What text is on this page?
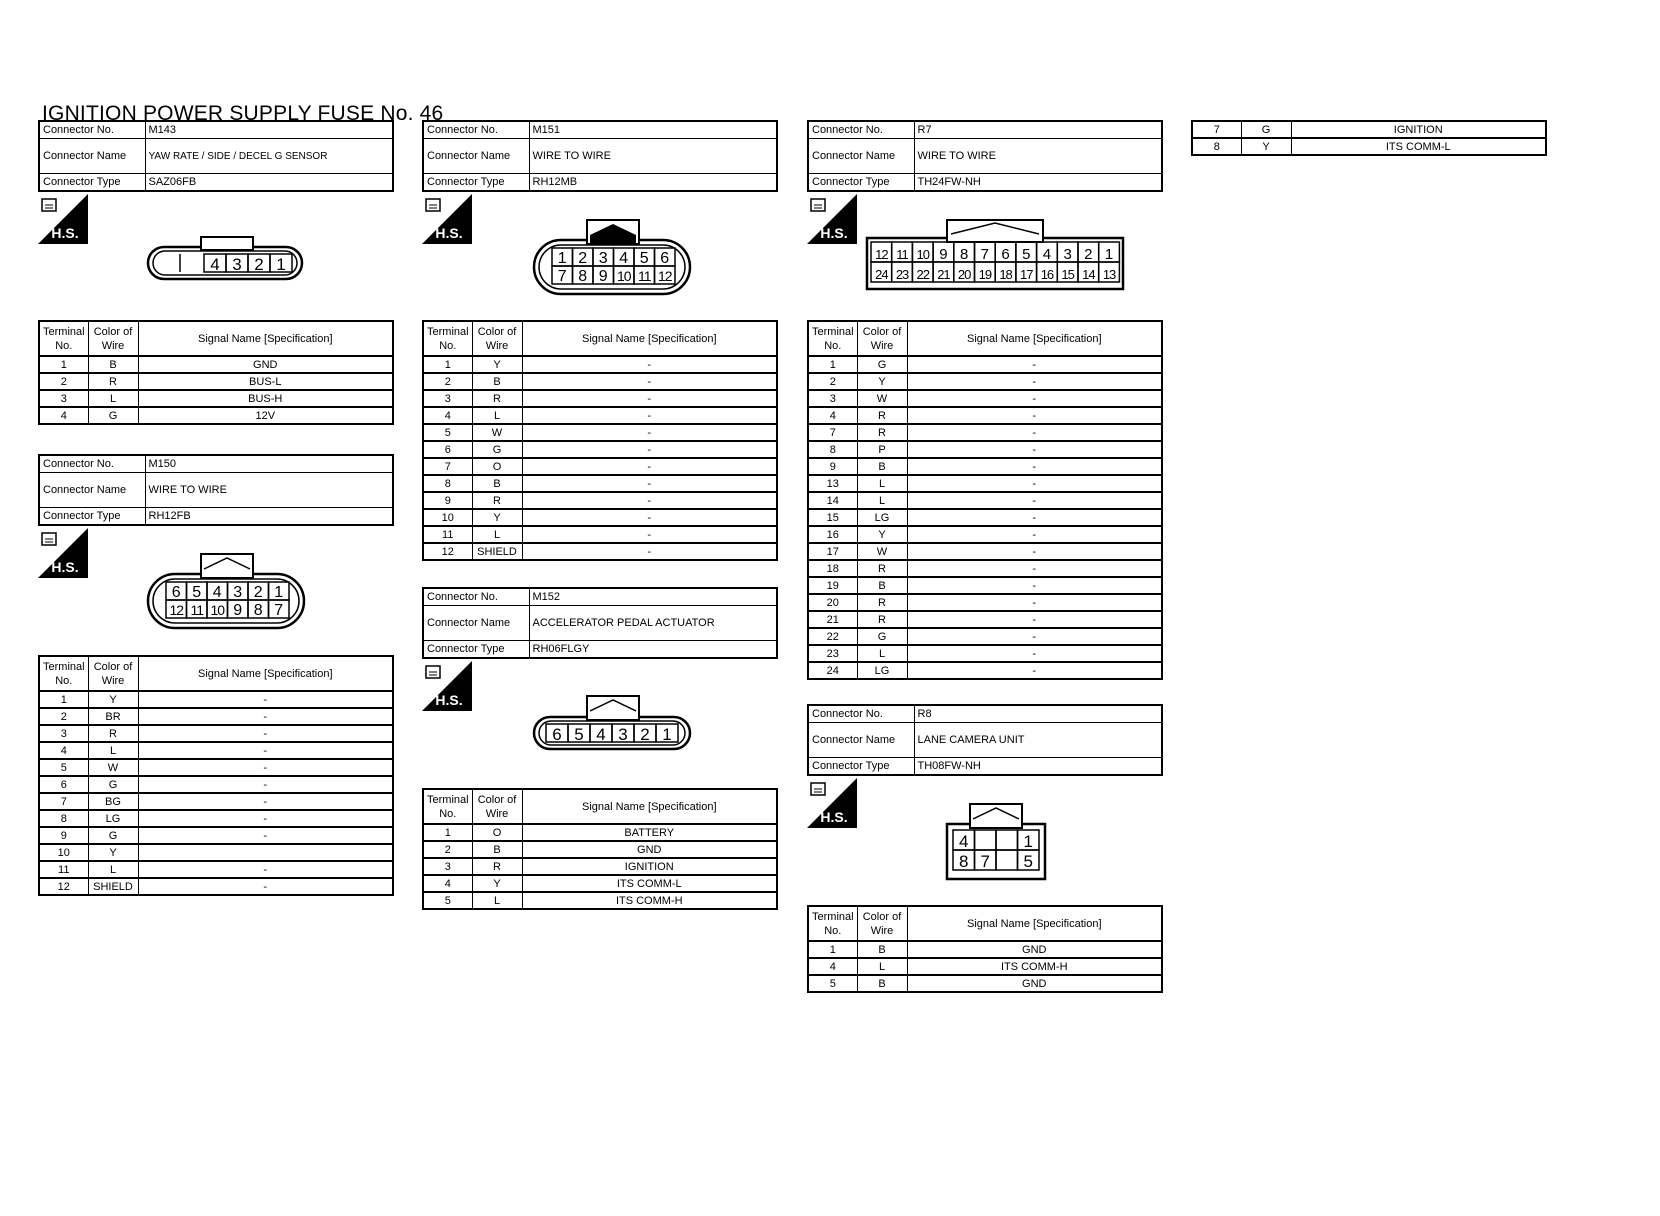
IGNITION POWER SUPPLY FUSE No. 46
Connector No.	M143
Connector Name	YAW RATE / SIDE / DECEL G SENSOR
Connector Type	SAZ06FB
H.S.
4 3 2 1
Terminal No.	Color of Wire	Signal Name [Specification]
1	B	GND
2	R	BUS-L
3	L	BUS-H
4	G	12V
Connector No.	M150
Connector Name	WIRE TO WIRE
Connector Type	RH12FB
H.S.
6 5 4 3 2 1
12 11 10 9 8 7
Terminal No.	Color of Wire	Signal Name [Specification]
1	Y	-
2	BR	-
3	R	-
4	L	-
5	W	-
6	G	-
7	BG	-
8	LG	-
9	G	-
10	Y	
11	L	-
12	SHIELD	-
Connector No.	M151
Connector Name	WIRE TO WIRE
Connector Type	RH12MB
H.S.
1 2 3 4 5 6
7 8 9 10 11 12
Terminal No.	Color of Wire	Signal Name [Specification]
1	Y	-
2	B	-
3	R	-
4	L	-
5	W	-
6	G	-
7	O	-
8	B	-
9	R	-
10	Y	-
11	L	-
12	SHIELD	-
Connector No.	M152
Connector Name	ACCELERATOR PEDAL ACTUATOR
Connector Type	RH06FLGY
H.S.
6 5 4 3 2 1
Terminal No.	Color of Wire	Signal Name [Specification]
1	O	BATTERY
2	B	GND
3	R	IGNITION
4	Y	ITS COMM-L
5	L	ITS COMM-H
Connector No.	R7
Connector Name	WIRE TO WIRE
Connector Type	TH24FW-NH
H.S.
12 11 10 9 8 7 6 5 4 3 2 1
24 23 22 21 20 19 18 17 16 15 14 13
Terminal No.	Color of Wire	Signal Name [Specification]
1	G	-
2	Y	-
3	W	-
4	R	-
7	R	-
8	P	-
9	B	-
13	L	-
14	L	-
15	LG	-
16	Y	-
17	W	-
18	R	-
19	B	-
20	R	-
21	R	-
22	G	-
23	L	-
24	LG	-
7	G	IGNITION
8	Y	ITS COMM-L
Connector No.	R8
Connector Name	LANE CAMERA UNIT
Connector Type	TH08FW-NH
H.S.
4	1
8 7 5
Terminal No.	Color of Wire	Signal Name [Specification]
1	B	GND
4	L	ITS COMM-H
5	B	GND
